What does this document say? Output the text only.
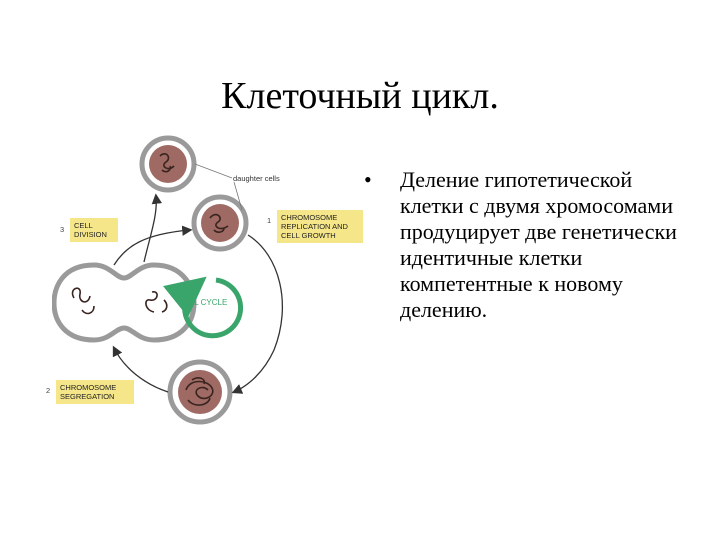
Клеточный цикл.
daughter cells
CELL CYCLE
1 CHROMOSOME REPLICATION AND CELL GROWTH
3 CELL DIVISION
2 CHROMOSOME SEGREGATION
•	Деление гипотетической клетки с двумя хромосомами продуцирует две генетически идентичные клетки компетентные к новому делению.
